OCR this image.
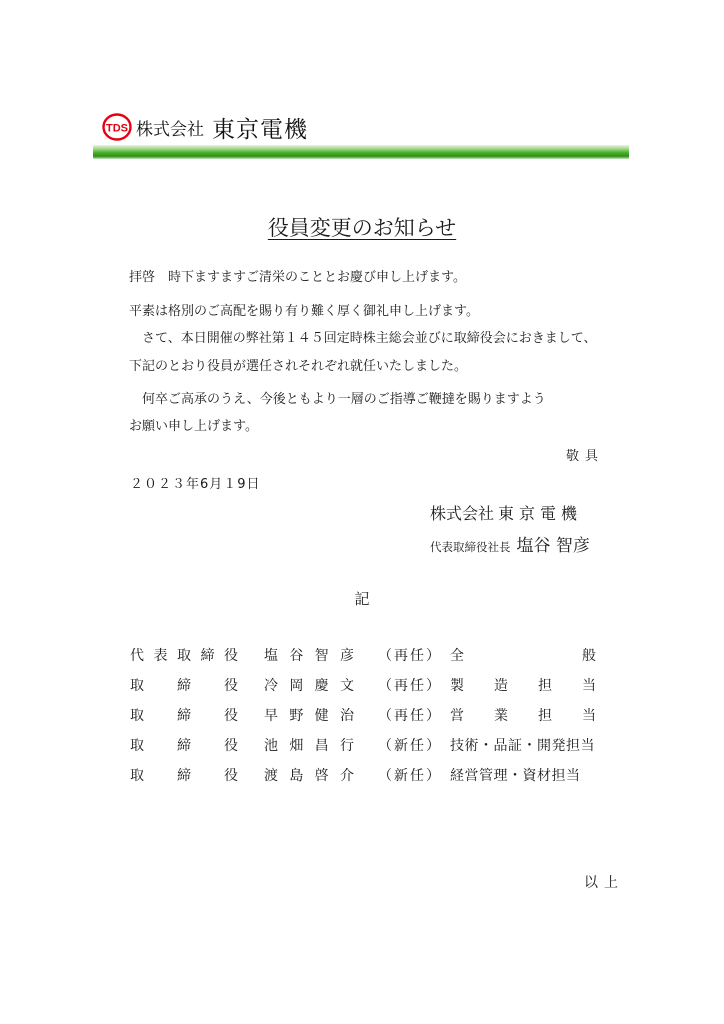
TDS 株式会社 東京電機
役員変更のお知らせ
拝啓　時下ますますご清栄のこととお慶び申し上げます。
平素は格別のご高配を賜り有り難く厚く御礼申し上げます。
　さて、本日開催の弊社第１４５回定時株主総会並びに取締役会におきまして、
下記のとおり役員が選任されそれぞれ就任いたしました。
　何卒ご高承のうえ、今後ともより一層のご指導ご鞭撻を賜りますよう
お願い申し上げます。
敬具
２０２３年6月１9日
株式会社 東京電機
代表取締役社長 塩谷 智彦
記
代 表 取 締 役 塩 谷 智 彦 （再任） 全	般
取 締 役 冷 岡 慶 文 （再任） 製 造 担 当
取 締 役 早 野 健 治 （再任） 営 業 担 当
取 締 役 池 畑 昌 行 （新任） 技術・品証・開発担当
取 締 役 渡 島 啓 介 （新任） 経営管理・資材担当
以上
